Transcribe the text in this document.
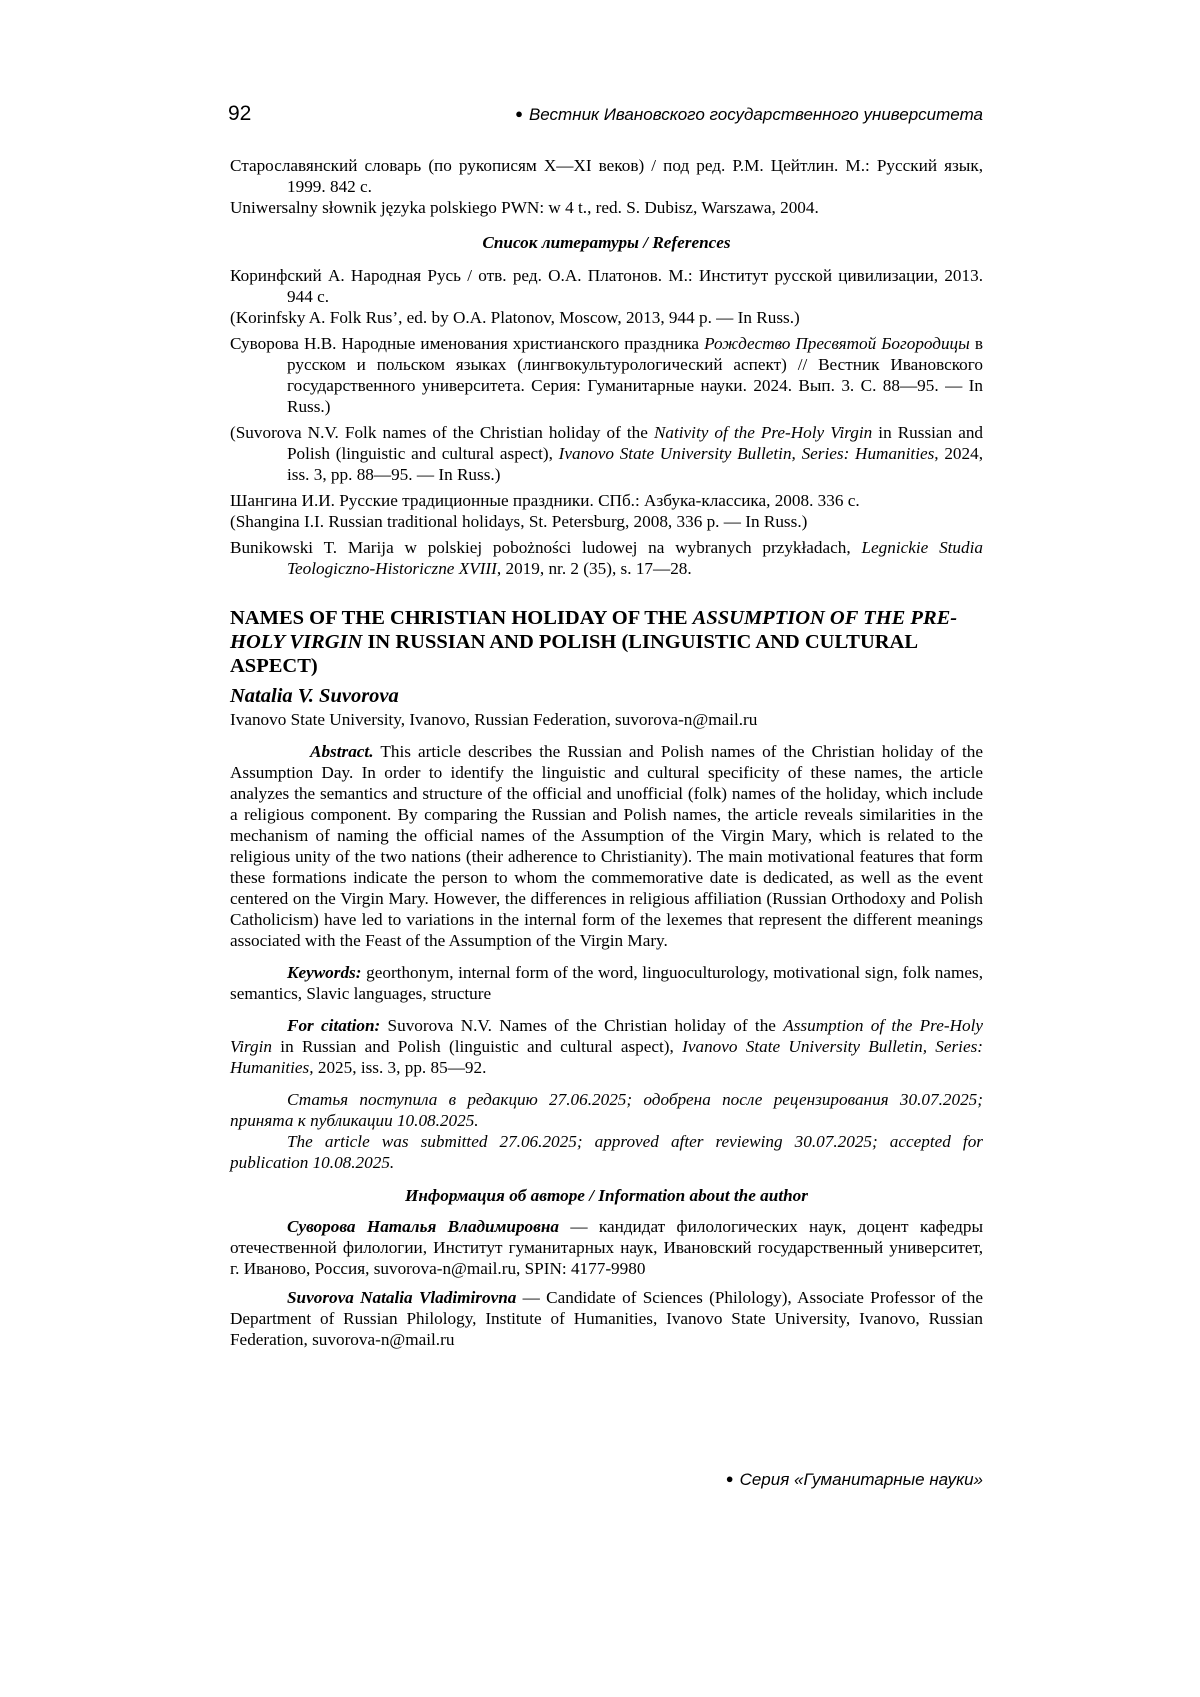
92	● Вестник Ивановского государственного университета

Старославянский словарь (по рукописям X—XI веков) / под ред. Р.М. Цейтлин. М.: Русский язык, 1999. 842 с.

Uniwersalny słownik języka polskiego PWN: w 4 t., red. S. Dubisz, Warszawa, 2004.

Список литературы / References

Коринфский А. Народная Русь / отв. ред. О.А. Платонов. М.: Институт русской цивилизации, 2013. 944 с.

(Korinfsky A. Folk Rus’, ed. by O.A. Platonov, Moscow, 2013, 944 p. — In Russ.)

Суворова Н.В. Народные именования христианского праздника Рождество Пресвятой Богородицы в русском и польском языках (лингвокультурологический аспект) // Вестник Ивановского государственного университета. Серия: Гуманитарные науки. 2024. Вып. 3. С. 88—95. — In Russ.)

(Suvorova N.V. Folk names of the Christian holiday of the Nativity of the Pre-Holy Virgin in Russian and Polish (linguistic and cultural aspect), Ivanovo State University Bulletin, Series: Humanities, 2024, iss. 3, pp. 88—95. — In Russ.)

Шангина И.И. Русские традиционные праздники. СПб.: Азбука-классика, 2008. 336 с.

(Shangina I.I. Russian traditional holidays, St. Petersburg, 2008, 336 p. — In Russ.)

Bunikowski T. Marija w polskiej pobożności ludowej na wybranych przykładach, Legnickie Studia Teologiczno-Historiczne XVIII, 2019, nr. 2 (35), s. 17—28.

NAMES OF THE CHRISTIAN HOLIDAY OF THE ASSUMPTION OF THE PRE-HOLY VIRGIN IN RUSSIAN AND POLISH (LINGUISTIC AND CULTURAL ASPECT)

Natalia V. Suvorova

Ivanovo State University, Ivanovo, Russian Federation, suvorova-n@mail.ru

Abstract. This article describes the Russian and Polish names of the Christian holiday of the Assumption Day. In order to identify the linguistic and cultural specificity of these names, the article analyzes the semantics and structure of the official and unofficial (folk) names of the holiday, which include a religious component. By comparing the Russian and Polish names, the article reveals similarities in the mechanism of naming the official names of the Assumption of the Virgin Mary, which is related to the religious unity of the two nations (their adherence to Christianity). The main motivational features that form these formations indicate the person to whom the commemorative date is dedicated, as well as the event centered on the Virgin Mary. However, the differences in religious affiliation (Russian Orthodoxy and Polish Catholicism) have led to variations in the internal form of the lexemes that represent the different meanings associated with the Feast of the Assumption of the Virgin Mary.

Keywords: georthonym, internal form of the word, linguoculturology, motivational sign, folk names, semantics, Slavic languages, structure

For citation: Suvorova N.V. Names of the Christian holiday of the Assumption of the Pre-Holy Virgin in Russian and Polish (linguistic and cultural aspect), Ivanovo State University Bulletin, Series: Humanities, 2025, iss. 3, pp. 85—92.

Статья поступила в редакцию 27.06.2025; одобрена после рецензирования 30.07.2025; принята к публикации 10.08.2025.

The article was submitted 27.06.2025; approved after reviewing 30.07.2025; accepted for publication 10.08.2025.

Информация об авторе / Information about the author

Суворова Наталья Владимировна — кандидат филологических наук, доцент кафедры отечественной филологии, Институт гуманитарных наук, Ивановский государственный университет, г. Иваново, Россия, suvorova-n@mail.ru, SPIN: 4177-9980

Suvorova Natalia Vladimirovna — Candidate of Sciences (Philology), Associate Professor of the Department of Russian Philology, Institute of Humanities, Ivanovo State University, Ivanovo, Russian Federation, suvorova-n@mail.ru

● Серия «Гуманитарные науки»
